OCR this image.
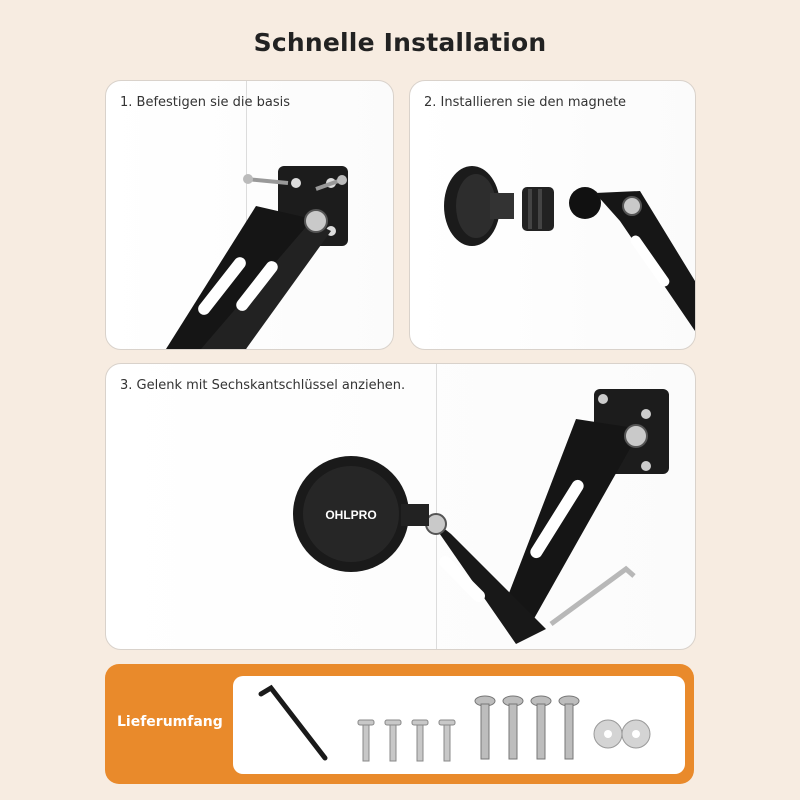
Schnelle Installation
1. Befestigen sie die basis	2. Installieren sie den magnete
OHLPRO
3. Gelenk mit Sechskantschlüssel anziehen.
Lieferumfang
